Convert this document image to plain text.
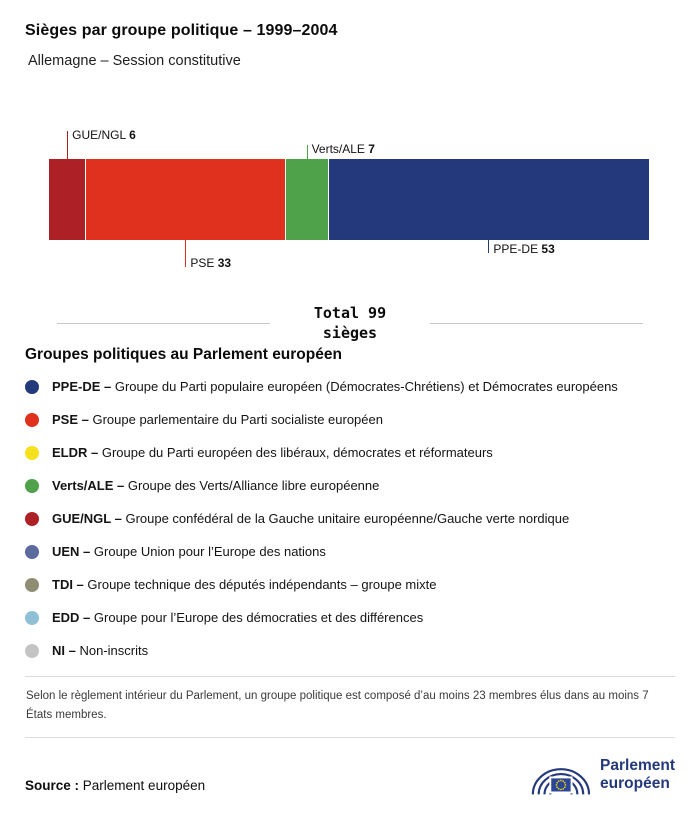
Sièges par groupe politique – 1999–2004
Allemagne – Session constitutive
GUE/NGL 6
PSE 33
Verts/ALE 7
PPE-DE 53
Total 99
sièges
Groupes politiques au Parlement européen
PPE-DE – Groupe du Parti populaire européen (Démocrates-Chrétiens) et Démocrates européens
PSE – Groupe parlementaire du Parti socialiste européen
ELDR – Groupe du Parti européen des libéraux, démocrates et réformateurs
Verts/ALE – Groupe des Verts/Alliance libre européenne
GUE/NGL – Groupe confédéral de la Gauche unitaire européenne/Gauche verte nordique
UEN – Groupe Union pour l’Europe des nations
TDI – Groupe technique des députés indépendants – groupe mixte
EDD – Groupe pour l’Europe des démocraties et des différences
NI – Non-inscrits

Selon le règlement intérieur du Parlement, un groupe politique est composé d’au moins 23 membres élus dans au moins 7 États membres.

Source : Parlement européen
Parlement
européen
